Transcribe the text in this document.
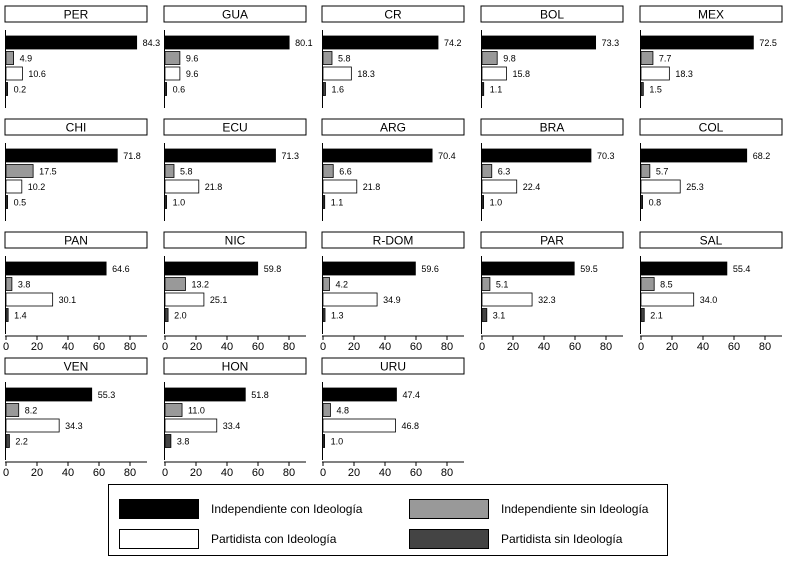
PER
84.3
4.9
10.6
0.2
GUA
80.1
9.6
9.6
0.6
CR
74.2
5.8
18.3
1.6
BOL
73.3
9.8
15.8
1.1
MEX
72.5
7.7
18.3
1.5
CHI
71.8
17.5
10.2
0.5
ECU
71.3
5.8
21.8
1.0
ARG
70.4
6.6
21.8
1.1
BRA
70.3
6.3
22.4
1.0
COL
68.2
5.7
25.3
0.8
PAN
64.6
3.8
30.1
1.4
0 20 40 60 80
NIC
59.8
13.2
25.1
2.0
0 20 40 60 80
R-DOM
59.6
4.2
34.9
1.3
0 20 40 60 80
PAR
59.5
5.1
32.3
3.1
0 20 40 60 80
SAL
55.4
8.5
34.0
2.1
0 20 40 60 80
VEN
55.3
8.2
34.3
2.2
0 20 40 60 80
HON
51.8
11.0
33.4
3.8
0 20 40 60 80
URU
47.4
4.8
46.8
1.0
0 20 40 60 80
Independiente con Ideología	Independiente sin Ideología
Partidista con Ideología	Partidista sin Ideología
